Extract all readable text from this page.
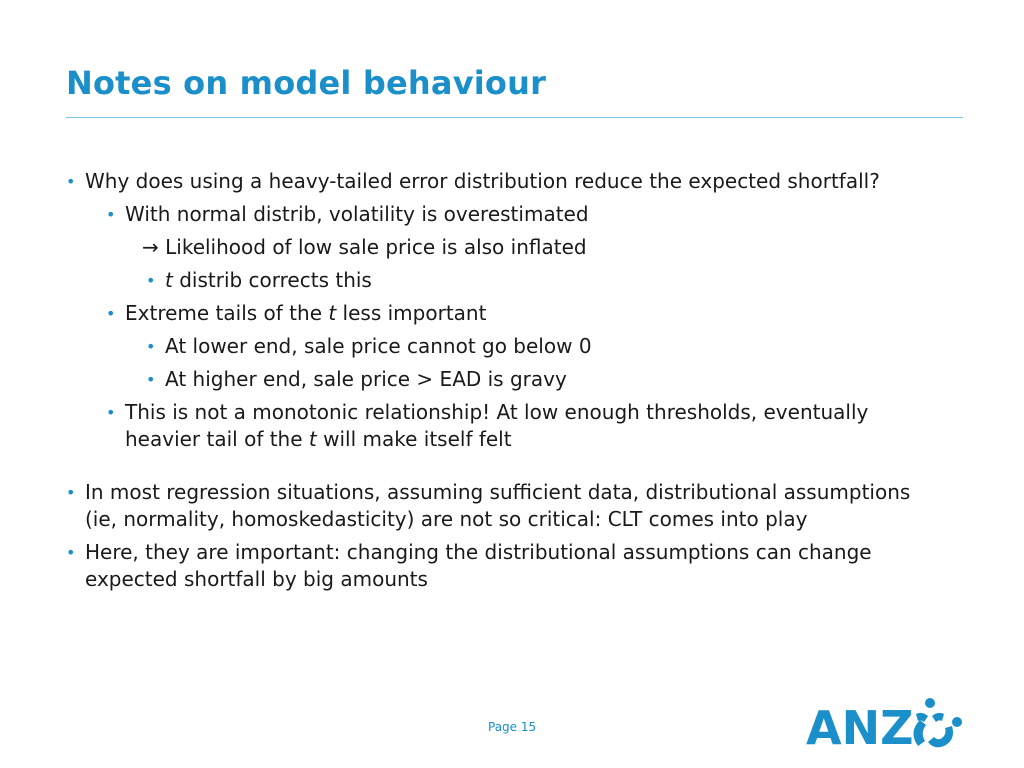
Notes on model behaviour
• Why does using a heavy-tailed error distribution reduce the expected shortfall?
• With normal distrib, volatility is overestimated
→ Likelihood of low sale price is also inflated
• t distrib corrects this
• Extreme tails of the t less important
• At lower end, sale price cannot go below 0
• At higher end, sale price > EAD is gravy
• This is not a monotonic relationship! At low enough thresholds, eventually heavier tail of the t will make itself felt
• In most regression situations, assuming sufficient data, distributional assumptions (ie, normality, homoskedasticity) are not so critical: CLT comes into play
• Here, they are important: changing the distributional assumptions can change expected shortfall by big amounts
Page 15	ANZ
